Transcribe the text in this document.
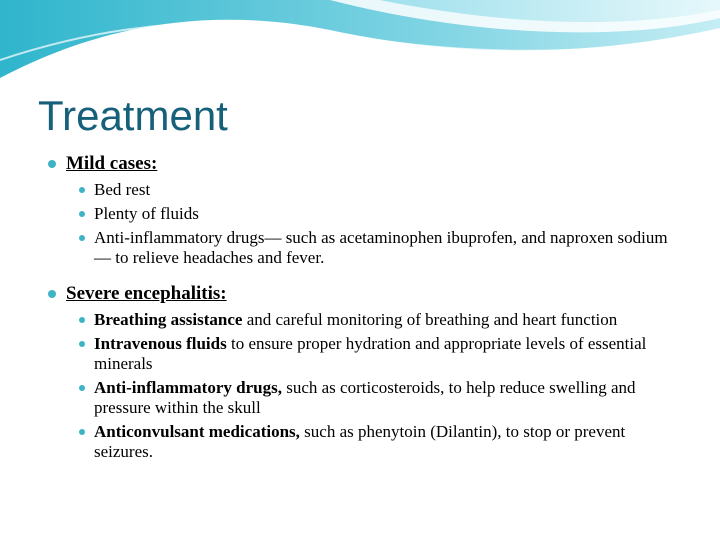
Treatment
Mild cases:
Bed rest
Plenty of fluids
Anti-inflammatory drugs— such as acetaminophen ibuprofen, and naproxen sodium — to relieve headaches and fever.
Severe encephalitis:
Breathing assistance and careful monitoring of breathing and heart function
Intravenous fluids to ensure proper hydration and appropriate levels of essential minerals
Anti-inflammatory drugs, such as corticosteroids, to help reduce swelling and pressure within the skull
Anticonvulsant medications, such as phenytoin (Dilantin), to stop or prevent seizures.
